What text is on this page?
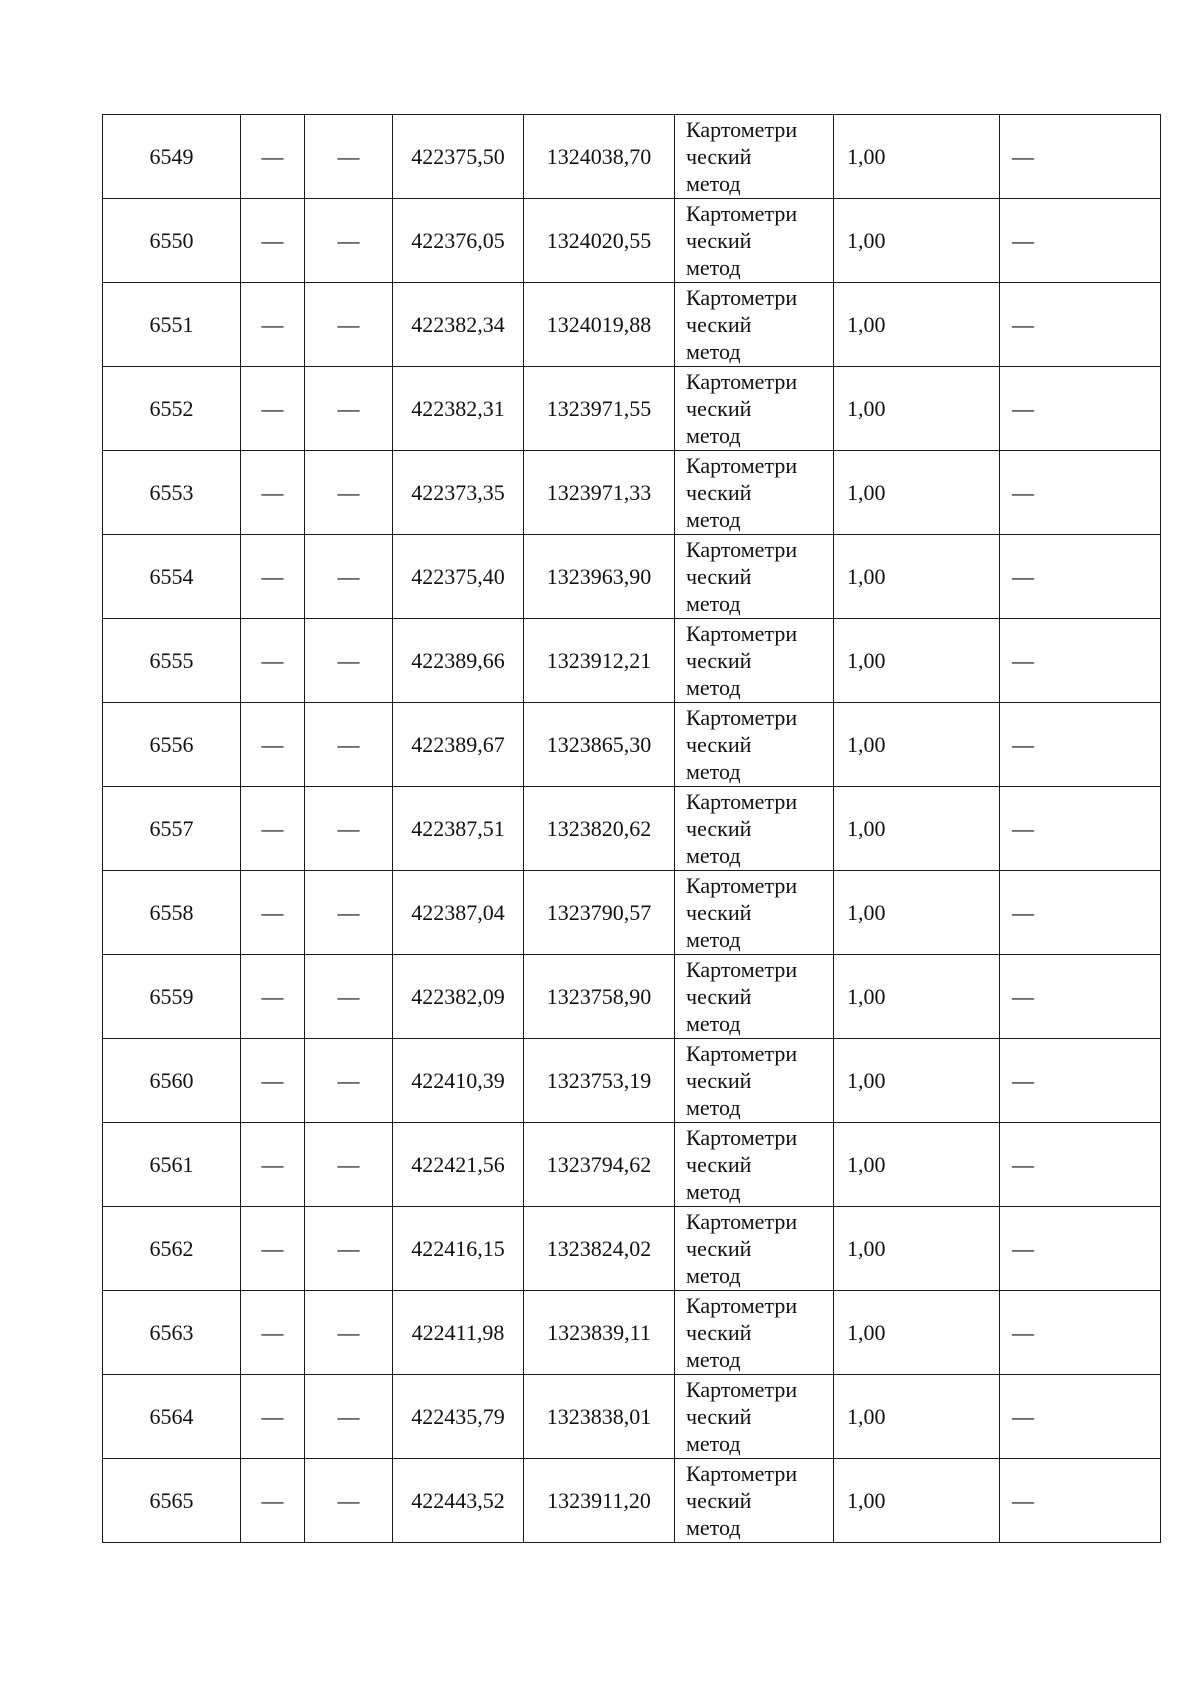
6549	—	—	422375,50	1324038,70	Картометри
ческий
метод	1,00	—
6550	—	—	422376,05	1324020,55	Картометри
ческий
метод	1,00	—
6551	—	—	422382,34	1324019,88	Картометри
ческий
метод	1,00	—
6552	—	—	422382,31	1323971,55	Картометри
ческий
метод	1,00	—
6553	—	—	422373,35	1323971,33	Картометри
ческий
метод	1,00	—
6554	—	—	422375,40	1323963,90	Картометри
ческий
метод	1,00	—
6555	—	—	422389,66	1323912,21	Картометри
ческий
метод	1,00	—
6556	—	—	422389,67	1323865,30	Картометри
ческий
метод	1,00	—
6557	—	—	422387,51	1323820,62	Картометри
ческий
метод	1,00	—
6558	—	—	422387,04	1323790,57	Картометри
ческий
метод	1,00	—
6559	—	—	422382,09	1323758,90	Картометри
ческий
метод	1,00	—
6560	—	—	422410,39	1323753,19	Картометри
ческий
метод	1,00	—
6561	—	—	422421,56	1323794,62	Картометри
ческий
метод	1,00	—
6562	—	—	422416,15	1323824,02	Картометри
ческий
метод	1,00	—
6563	—	—	422411,98	1323839,11	Картометри
ческий
метод	1,00	—
6564	—	—	422435,79	1323838,01	Картометри
ческий
метод	1,00	—
6565	—	—	422443,52	1323911,20	Картометри
ческий
метод	1,00	—
